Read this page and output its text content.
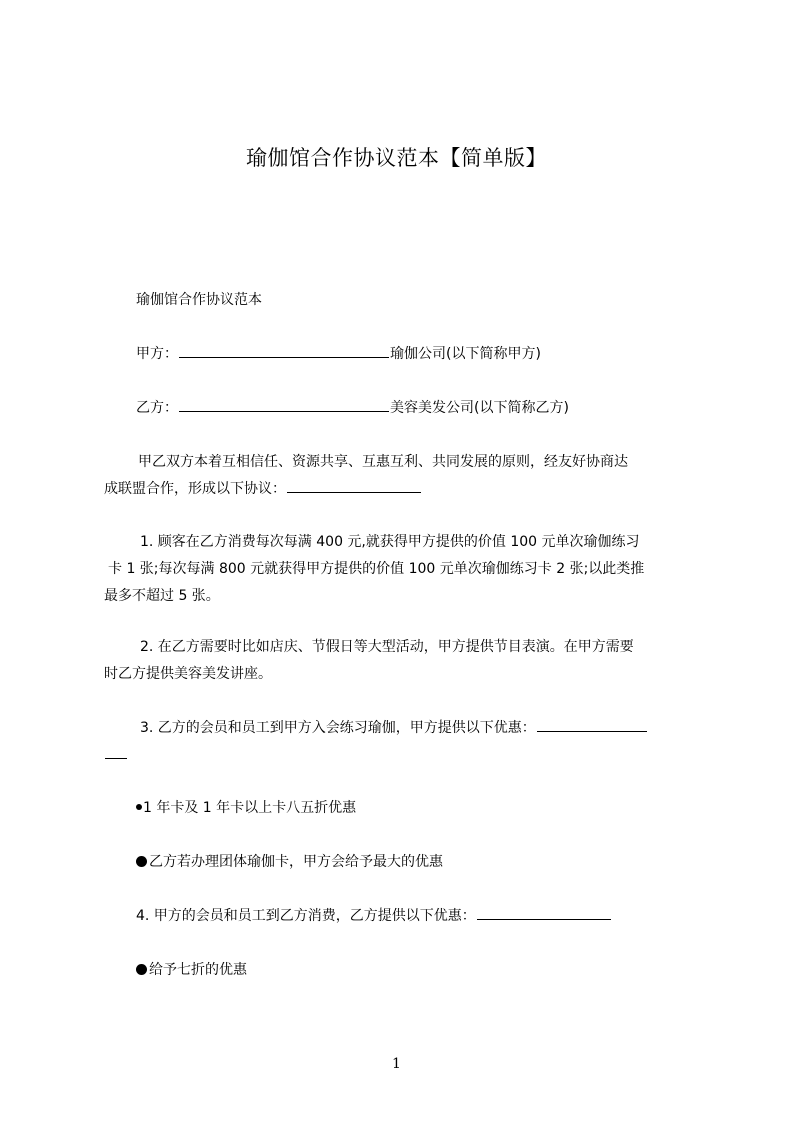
瑜伽馆合作协议范本【简单版】
瑜伽馆合作协议范本
甲方：	瑜伽公司(以下简称甲方)
乙方：	美容美发公司(以下简称乙方)
甲乙双方本着互相信任、资源共享、互惠互利、共同发展的原则，经友好协商达
成联盟合作，形成以下协议：
1. 顾客在乙方消费每次每满 400 元,就获得甲方提供的价值 100 元单次瑜伽练习
卡 1 张;每次每满 800 元就获得甲方提供的价值 100 元单次瑜伽练习卡 2 张;以此类推
最多不超过 5 张。
2. 在乙方需要时比如店庆、节假日等大型活动，甲方提供节目表演。在甲方需要
时乙方提供美容美发讲座。
3. 乙方的会员和员工到甲方入会练习瑜伽，甲方提供以下优惠：
1 年卡及 1 年卡以上卡八五折优惠
乙方若办理团体瑜伽卡，甲方会给予最大的优惠
4. 甲方的会员和员工到乙方消费，乙方提供以下优惠：
给予七折的优惠
1
